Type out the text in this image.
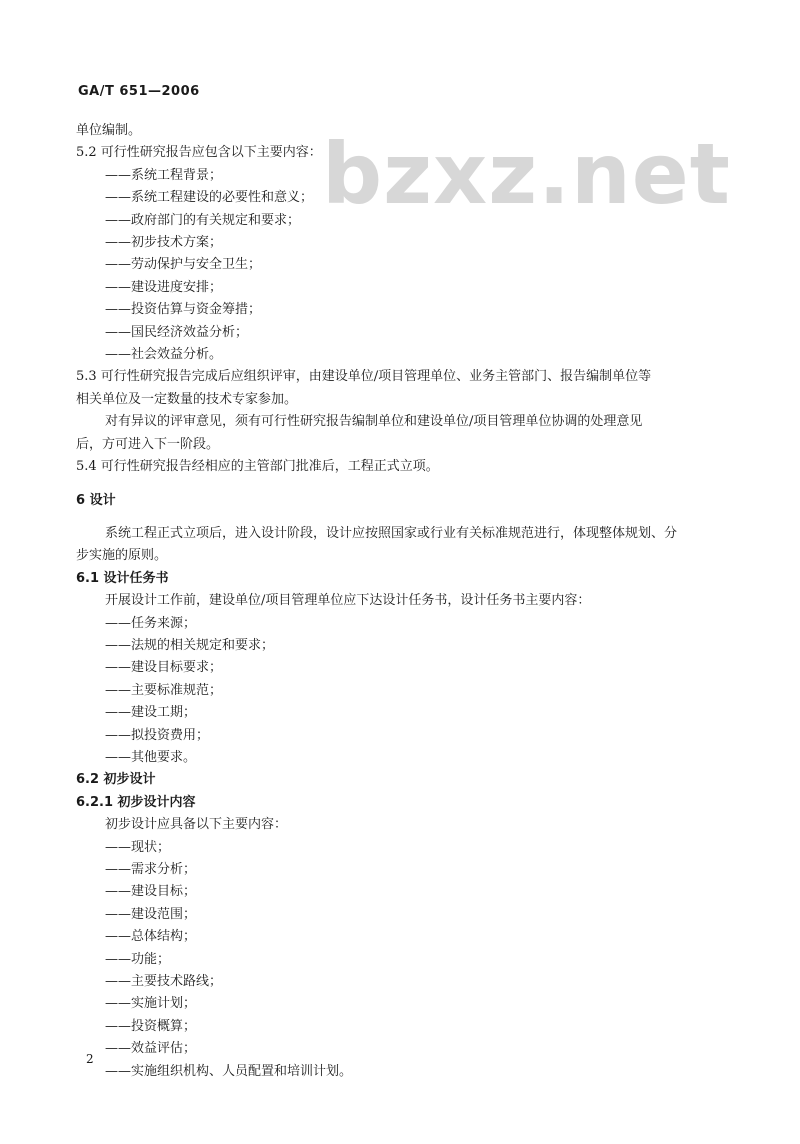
bzxz.net
GA/T 651—2006
单位编制。
5.2 可行性研究报告应包含以下主要内容：
——系统工程背景；
——系统工程建设的必要性和意义；
——政府部门的有关规定和要求；
——初步技术方案；
——劳动保护与安全卫生；
——建设进度安排；
——投资估算与资金筹措；
——国民经济效益分析；
——社会效益分析。
5.3 可行性研究报告完成后应组织评审，由建设单位/项目管理单位、业务主管部门、报告编制单位等
相关单位及一定数量的技术专家参加。
对有异议的评审意见，须有可行性研究报告编制单位和建设单位/项目管理单位协调的处理意见
后，方可进入下一阶段。
5.4 可行性研究报告经相应的主管部门批准后，工程正式立项。
6 设计
系统工程正式立项后，进入设计阶段，设计应按照国家或行业有关标准规范进行，体现整体规划、分
步实施的原则。
6.1 设计任务书
开展设计工作前，建设单位/项目管理单位应下达设计任务书，设计任务书主要内容：
——任务来源；
——法规的相关规定和要求；
——建设目标要求；
——主要标准规范；
——建设工期；
——拟投资费用；
——其他要求。
6.2 初步设计
6.2.1 初步设计内容
初步设计应具备以下主要内容：
——现状；
——需求分析；
——建设目标；
——建设范围；
——总体结构；
——功能；
——主要技术路线；
——实施计划；
——投资概算；
——效益评估；
——实施组织机构、人员配置和培训计划。
2
